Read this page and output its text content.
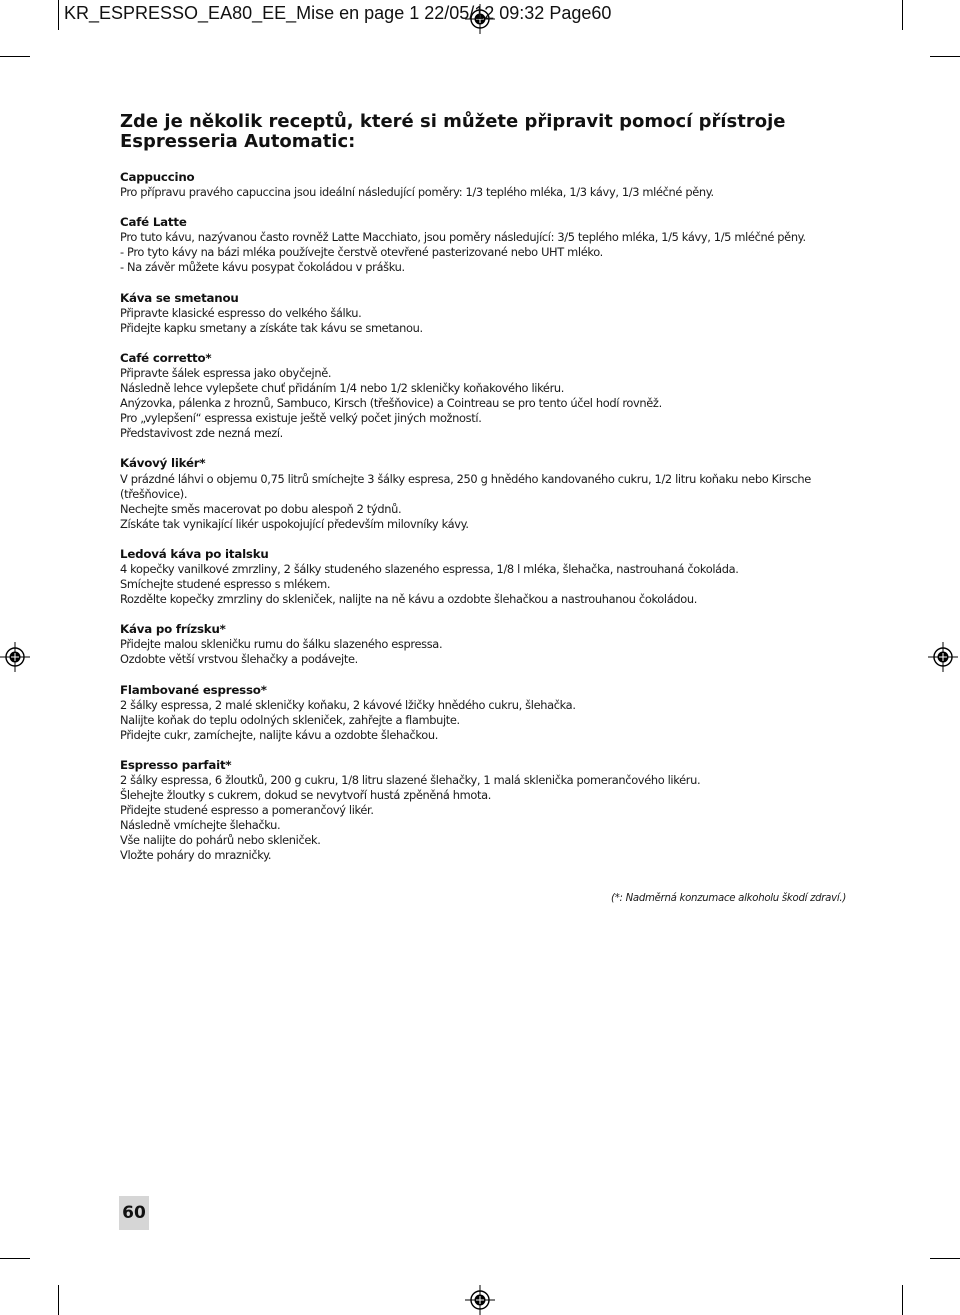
KR_ESPRESSO_EA80_EE_Mise en page 1 22/05/12 09:32 Page60
Zde je několik receptů, které si můžete připravit pomocí přístroje Espresseria Automatic:
Cappuccino

Pro přípravu pravého capuccina jsou ideální následující poměry: 1/3 teplého mléka, 1/3 kávy, 1/3 mléčné pěny.

Café Latte

Pro tuto kávu, nazývanou často rovněž Latte Macchiato, jsou poměry následující: 3/5 teplého mléka, 1/5 kávy, 1/5 mléčné pěny.

- Pro tyto kávy na bázi mléka používejte čerstvě otevřené pasterizované nebo UHT mléko.

- Na závěr můžete kávu posypat čokoládou v prášku.

Káva se smetanou

Připravte klasické espresso do velkého šálku.

Přidejte kapku smetany a získáte tak kávu se smetanou.

Café corretto*

Připravte šálek espressa jako obyčejně.

Následně lehce vylepšete chuť přidáním 1/4 nebo 1/2 skleničky koňakového likéru.

Anýzovka, pálenka z hroznů, Sambuco, Kirsch (třešňovice) a Cointreau se pro tento účel hodí rovněž.

Pro „vylepšení“ espressa existuje ještě velký počet jiných možností.

Představivost zde nezná mezí.

Kávový likér*

V prázdné láhvi o objemu 0,75 litrů smíchejte 3 šálky espresa, 250 g hnědého kandovaného cukru, 1/2 litru koňaku nebo Kirsche (třešňovice).

Nechejte směs macerovat po dobu alespoň 2 týdnů.

Získáte tak vynikající likér uspokojující především milovníky kávy.

Ledová káva po italsku

4 kopečky vanilkové zmrzliny, 2 šálky studeného slazeného espressa, 1/8 l mléka, šlehačka, nastrouhaná čokoláda.

Smíchejte studené espresso s mlékem.

Rozdělte kopečky zmrzliny do skleniček, nalijte na ně kávu a ozdobte šlehačkou a nastrouhanou čokoládou.

Káva po frízsku*

Přidejte malou skleničku rumu do šálku slazeného espressa.

Ozdobte větší vrstvou šlehačky a podávejte.

Flambované espresso*

2 šálky espressa, 2 malé skleničky koňaku, 2 kávové lžičky hnědého cukru, šlehačka.

Nalijte koňak do teplu odolných skleniček, zahřejte a flambujte.

Přidejte cukr, zamíchejte, nalijte kávu a ozdobte šlehačkou.

Espresso parfait*

2 šálky espressa, 6 žloutků, 200 g cukru, 1/8 litru slazené šlehačky, 1 malá sklenička pomerančového likéru.

Šlehejte žloutky s cukrem, dokud se nevytvoří hustá zpěněná hmota.

Přidejte studené espresso a pomerančový likér.

Následně vmíchejte šlehačku.

Vše nalijte do pohárů nebo skleniček.

Vložte poháry do mrazničky.

(*: Nadměrná konzumace alkoholu škodí zdraví.)
60
